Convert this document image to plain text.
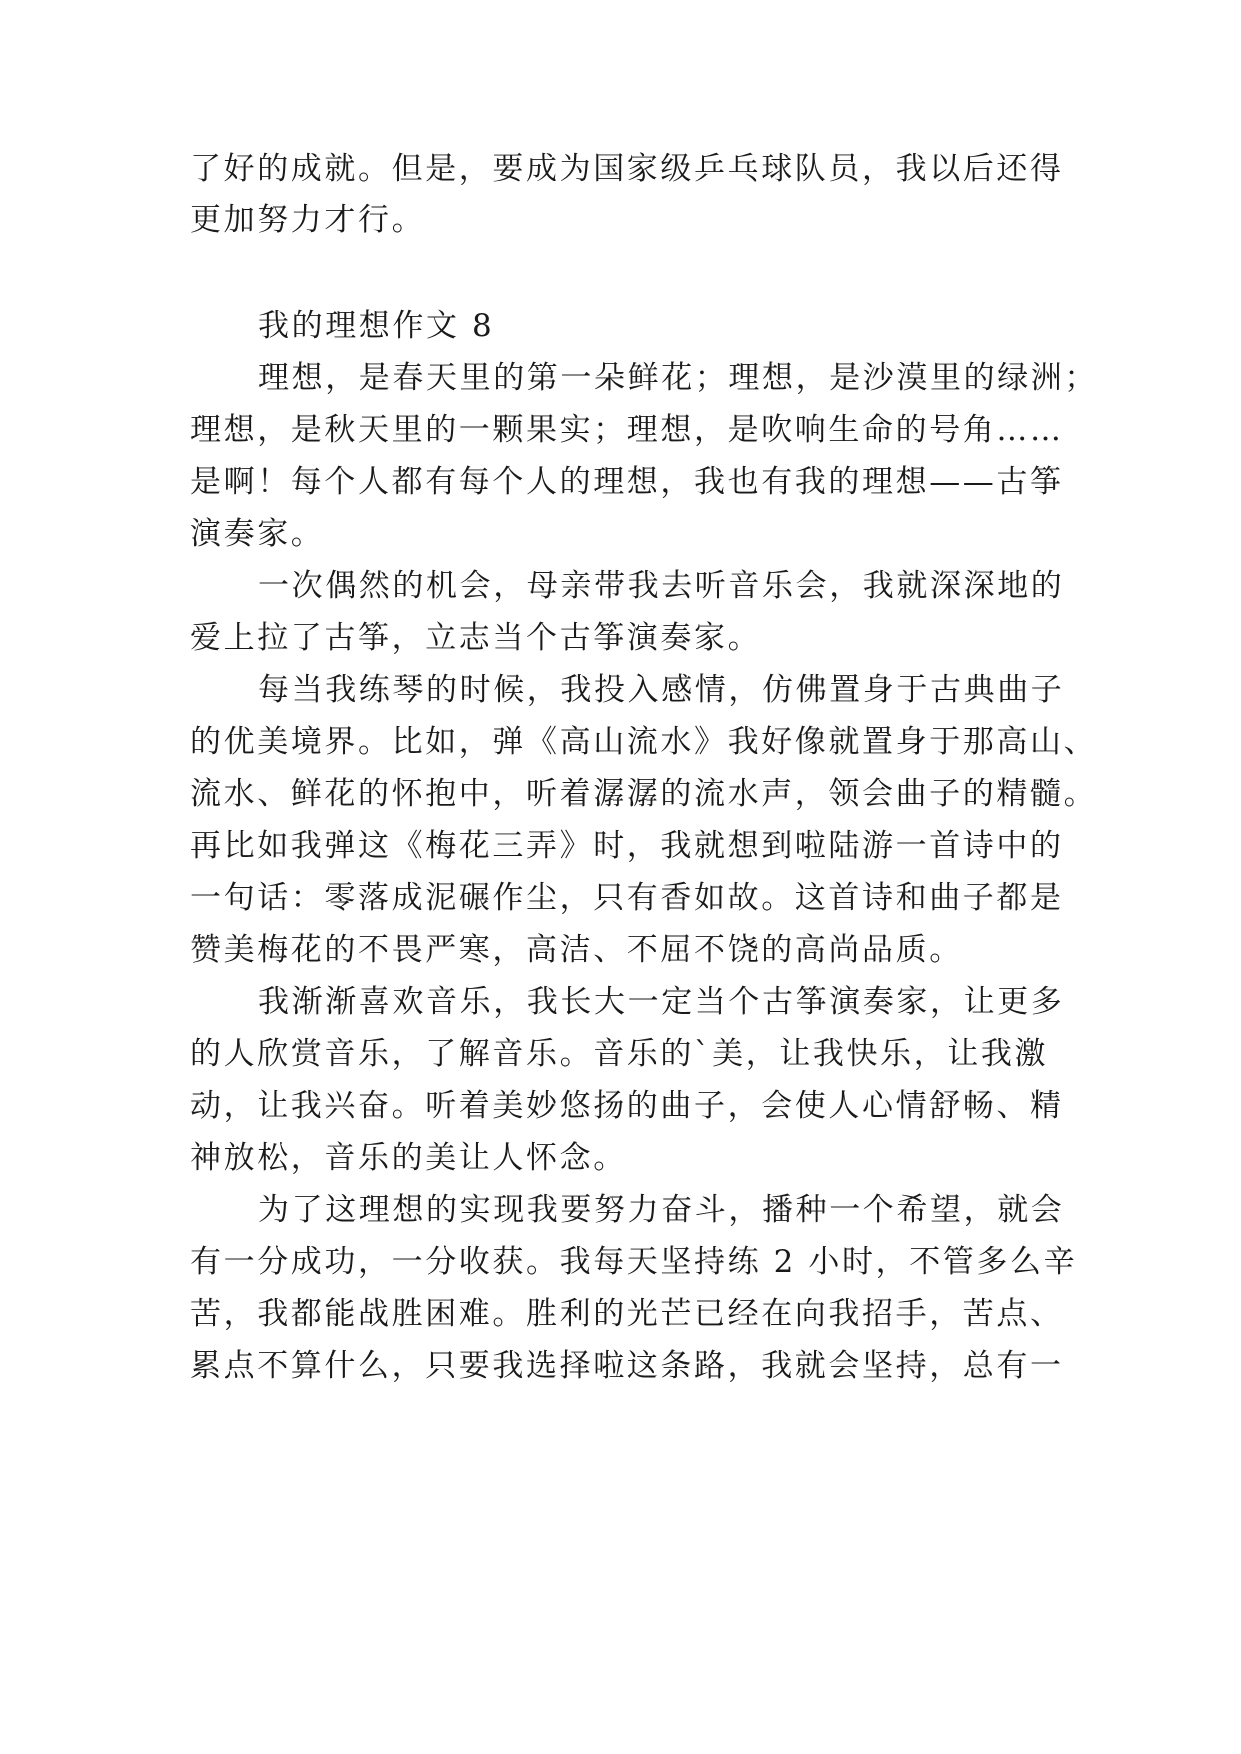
了好的成就。但是，要成为国家级乒乓球队员，我以后还得
更加努力才行。
我的理想作文 8
理想，是春天里的第一朵鲜花；理想，是沙漠里的绿洲；
理想，是秋天里的一颗果实；理想，是吹响生命的号角……
是啊！每个人都有每个人的理想，我也有我的理想——古筝
演奏家。
一次偶然的机会，母亲带我去听音乐会，我就深深地的
爱上拉了古筝，立志当个古筝演奏家。
每当我练琴的时候，我投入感情，仿佛置身于古典曲子
的优美境界。比如，弹《高山流水》我好像就置身于那高山、
流水、鲜花的怀抱中，听着潺潺的流水声，领会曲子的精髓。
再比如我弹这《梅花三弄》时，我就想到啦陆游一首诗中的
一句话：零落成泥碾作尘，只有香如故。这首诗和曲子都是
赞美梅花的不畏严寒，高洁、不屈不饶的高尚品质。
我渐渐喜欢音乐，我长大一定当个古筝演奏家，让更多
的人欣赏音乐，了解音乐。音乐的`美，让我快乐，让我激
动，让我兴奋。听着美妙悠扬的曲子，会使人心情舒畅、精
神放松，音乐的美让人怀念。
为了这理想的实现我要努力奋斗，播种一个希望，就会
有一分成功，一分收获。我每天坚持练 2 小时，不管多么辛
苦，我都能战胜困难。胜利的光芒已经在向我招手，苦点、
累点不算什么，只要我选择啦这条路，我就会坚持，总有一
